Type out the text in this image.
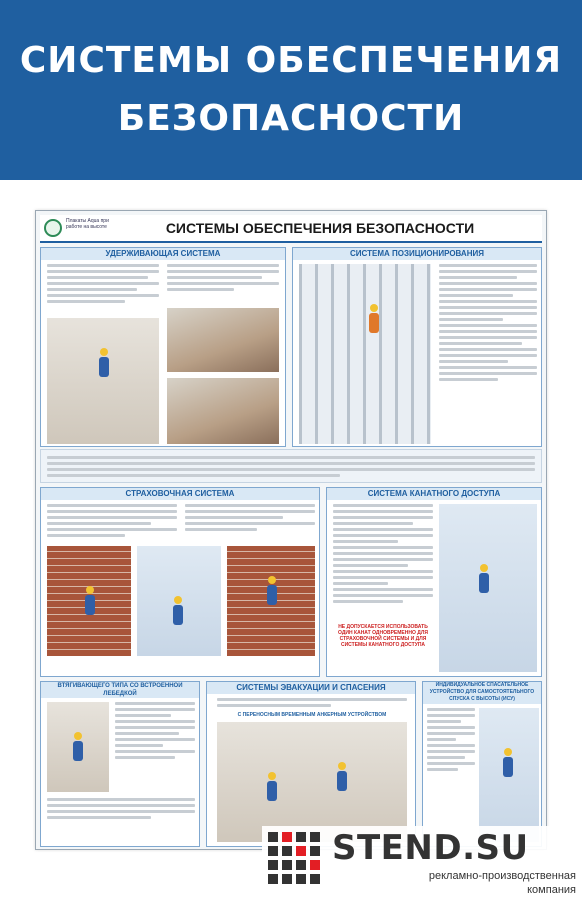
СИСТЕМЫ ОБЕСПЕЧЕНИЯ
БЕЗОПАСНОСТИ
Плакаты Aqua при работе на высоте	СИСТЕМЫ ОБЕСПЕЧЕНИЯ БЕЗОПАСНОСТИ
УДЕРЖИВАЮЩАЯ СИСТЕМА	СИСТЕМА ПОЗИЦИОНИРОВАНИЯ
СТРАХОВОЧНАЯ СИСТЕМА	СИСТЕМА КАНАТНОГО ДОСТУПА
НЕ ДОПУСКАЕТСЯ ИСПОЛЬЗОВАТЬ ОДИН КАНАТ ОДНОВРЕМЕННО ДЛЯ СТРАХОВОЧНОЙ СИСТЕМЫ И ДЛЯ СИСТЕМЫ КАНАТНОГО ДОСТУПА
ВТЯГИВАЮЩЕГО ТИПА СО ВСТРОЕННОЙ ЛЕБЕДКОЙ
СИСТЕМЫ ЭВАКУАЦИИ И СПАСЕНИЯ
С ПЕРЕНОСНЫМ ВРЕМЕННЫМ АНКЕРНЫМ УСТРОЙСТВОМ
ИНДИВИДУАЛЬНОЕ СПАСАТЕЛЬНОЕ УСТРОЙСТВО ДЛЯ САМОСТОЯТЕЛЬНОГО СПУСКА С ВЫСОТЫ (ИСУ)
STEND.SU
рекламно-производственная
компания
